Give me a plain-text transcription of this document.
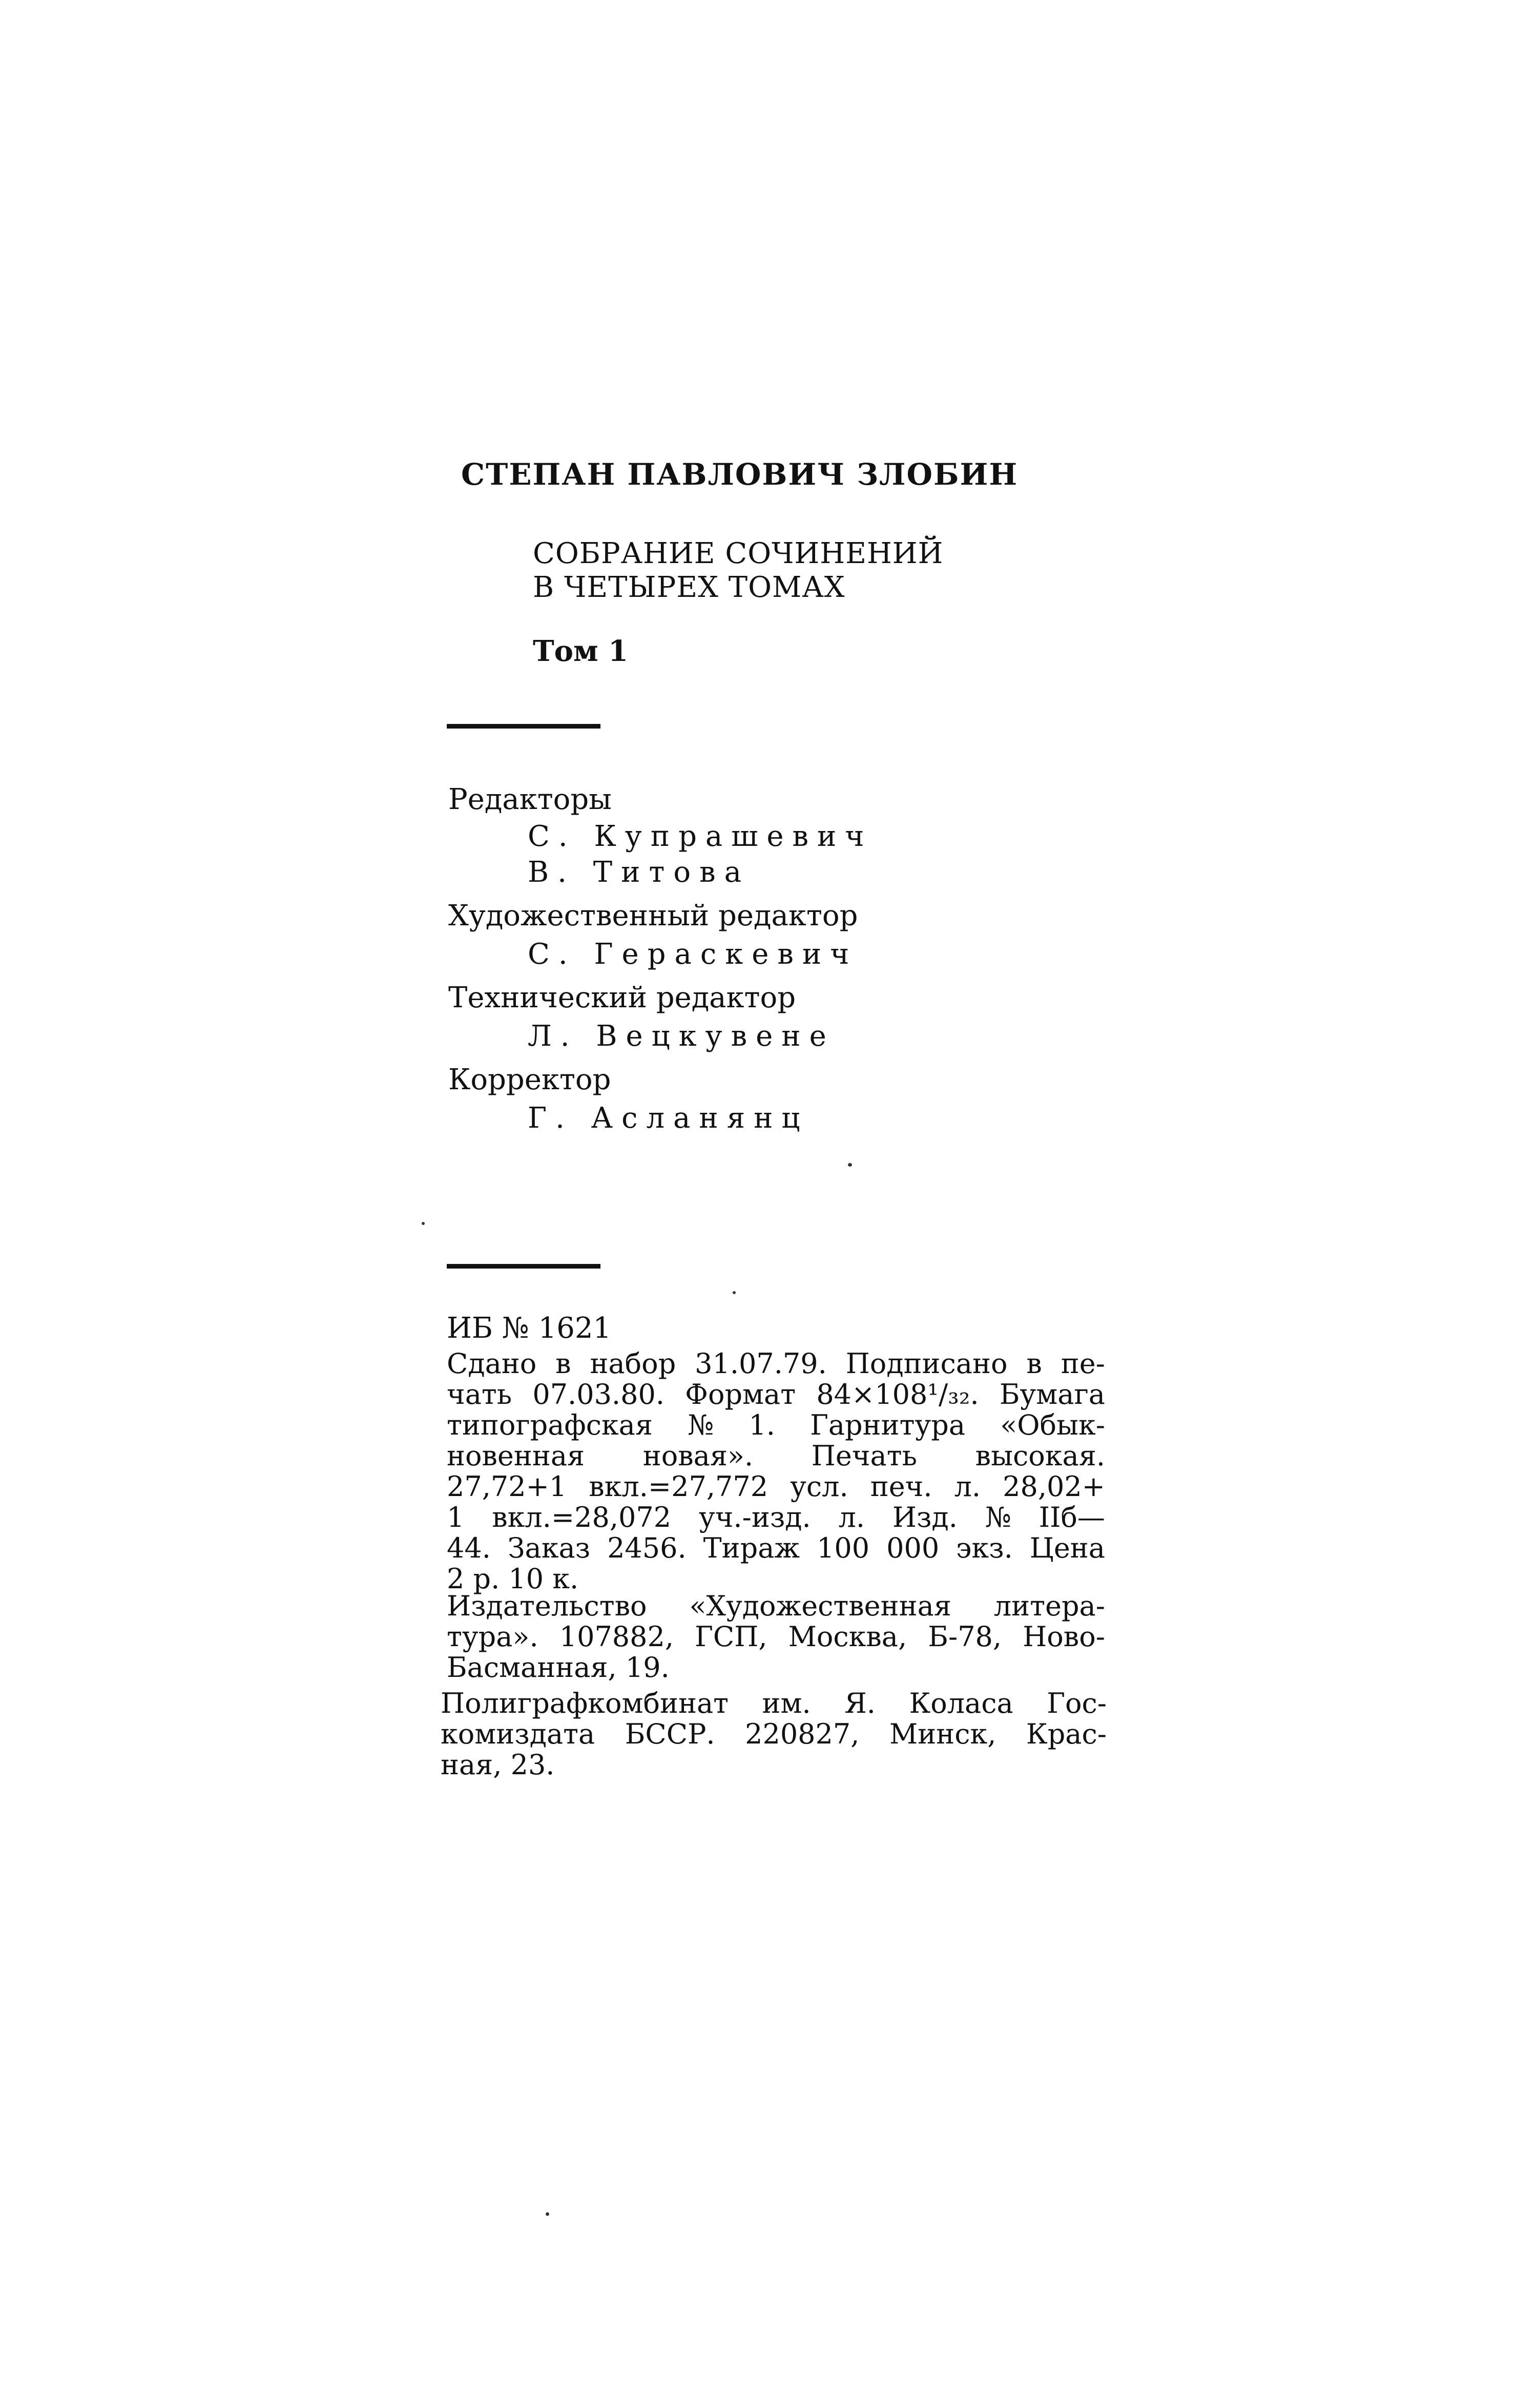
СТЕПАН ПАВЛОВИЧ ЗЛОБИН
СОБРАНИЕ СОЧИНЕНИЙ
В ЧЕТЫРЕХ ТОМАХ
Том 1
Редакторы
С. Купрашевич
В. Титова
Художественный редактор
С. Гераскевич
Технический редактор
Л. Вецкувене
Корректор
Г. Асланянц
ИБ № 1621
Сдано в набор 31.07.79. Подписано в пе-
чать 07.03.80. Формат 84×108¹/₃₂. Бумага
типографская № 1. Гарнитура «Обык-
новенная новая». Печать высокая.
27,72+1 вкл.=27,772 усл. печ. л. 28,02+
1 вкл.=28,072 уч.-изд. л. Изд. № IIб—
44. Заказ 2456. Тираж 100 000 экз. Цена
2 р. 10 к.
Издательство «Художественная литера-
тура». 107882, ГСП, Москва, Б-78, Ново-
Басманная, 19.
Полиграфкомбинат им. Я. Коласа Гос-
комиздата БССР. 220827, Минск, Крас-
ная, 23.
